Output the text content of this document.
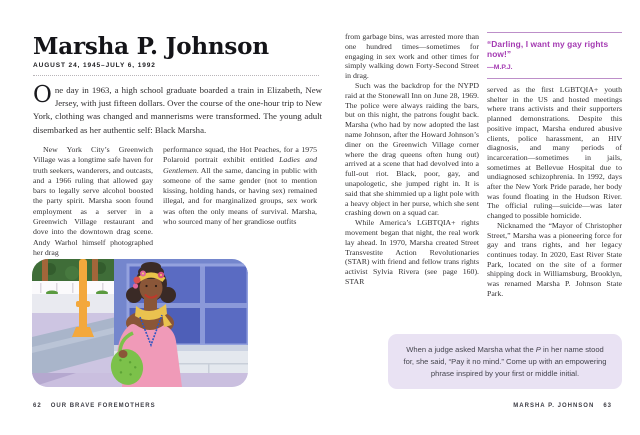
Marsha P. Johnson
AUGUST 24, 1945–JULY 6, 1992
One day in 1963, a high school graduate boarded a train in Elizabeth, New Jersey, with just fifteen dollars. Over the course of the one-hour trip to New York, clothing was changed and mannerisms were transformed. The young adult disembarked as her authentic self: Black Marsha.

New York City’s Greenwich Village was a longtime safe haven for truth seekers, wanderers, and outcasts, and a 1966 ruling that allowed gay bars to legally serve alcohol boosted the party spirit. Marsha soon found employment as a server in a Greenwich Village restaurant and dove into the downtown drag scene. Andy Warhol himself photographed her drag

performance squad, the Hot Peaches, for a 1975 Polaroid portrait exhibit entitled Ladies and Gentlemen. All the same, dancing in public with someone of the same gender (not to mention kissing, holding hands, or having sex) remained illegal, and for marginalized groups, sex work was often the only means of survival. Marsha, who sourced many of her grandiose outfits

from garbage bins, was arrested more than one hundred times—sometimes for engaging in sex work and other times for simply walking down Forty-Second Street in drag.

Such was the backdrop for the NYPD raid at the Stonewall Inn on June 28, 1969. The police were always raiding the bars, but on this night, the patrons fought back. Marsha (who had by now adopted the last name Johnson, after the Howard Johnson’s diner on the Greenwich Village corner where the drag queens often hung out) arrived at a scene that had devolved into a full-out riot. Black, poor, gay, and unapologetic, she jumped right in. It is said that she shimmied up a light pole with a heavy object in her purse, which she sent crashing down on a squad car.

While America’s LGBTQIA+ rights movement began that night, the real work lay ahead. In 1970, Marsha created Street Transvestite Action Revolutionaries (STAR) with friend and fellow trans rights activist Sylvia Rivera (see page 160). STAR

“Darling, I want my gay rights now!”
—M.P.J.

served as the first LGBTQIA+ youth shelter in the US and hosted meetings where trans activists and their supporters planned demonstrations. Despite this positive impact, Marsha endured abusive clients, police harassment, an HIV diagnosis, and many periods of incarceration—sometimes in jails, sometimes at Bellevue Hospital due to undiagnosed schizophrenia. In 1992, days after the New York Pride parade, her body was found floating in the Hudson River. The official ruling—suicide—was later changed to possible homicide.

Nicknamed the “Mayor of Christopher Street,” Marsha was a pioneering force for gay and trans rights, and her legacy continues today. In 2020, East River State Park, located on the site of a former shipping dock in Williamsburg, Brooklyn, was renamed Marsha P. Johnson State Park.

When a judge asked Marsha what the P in her name stood for, she said, “Pay it no mind.” Come up with an empowering phrase inspired by your first or middle initial.
62 OUR BRAVE FOREMOTHERS	MARSHA P. JOHNSON 63
